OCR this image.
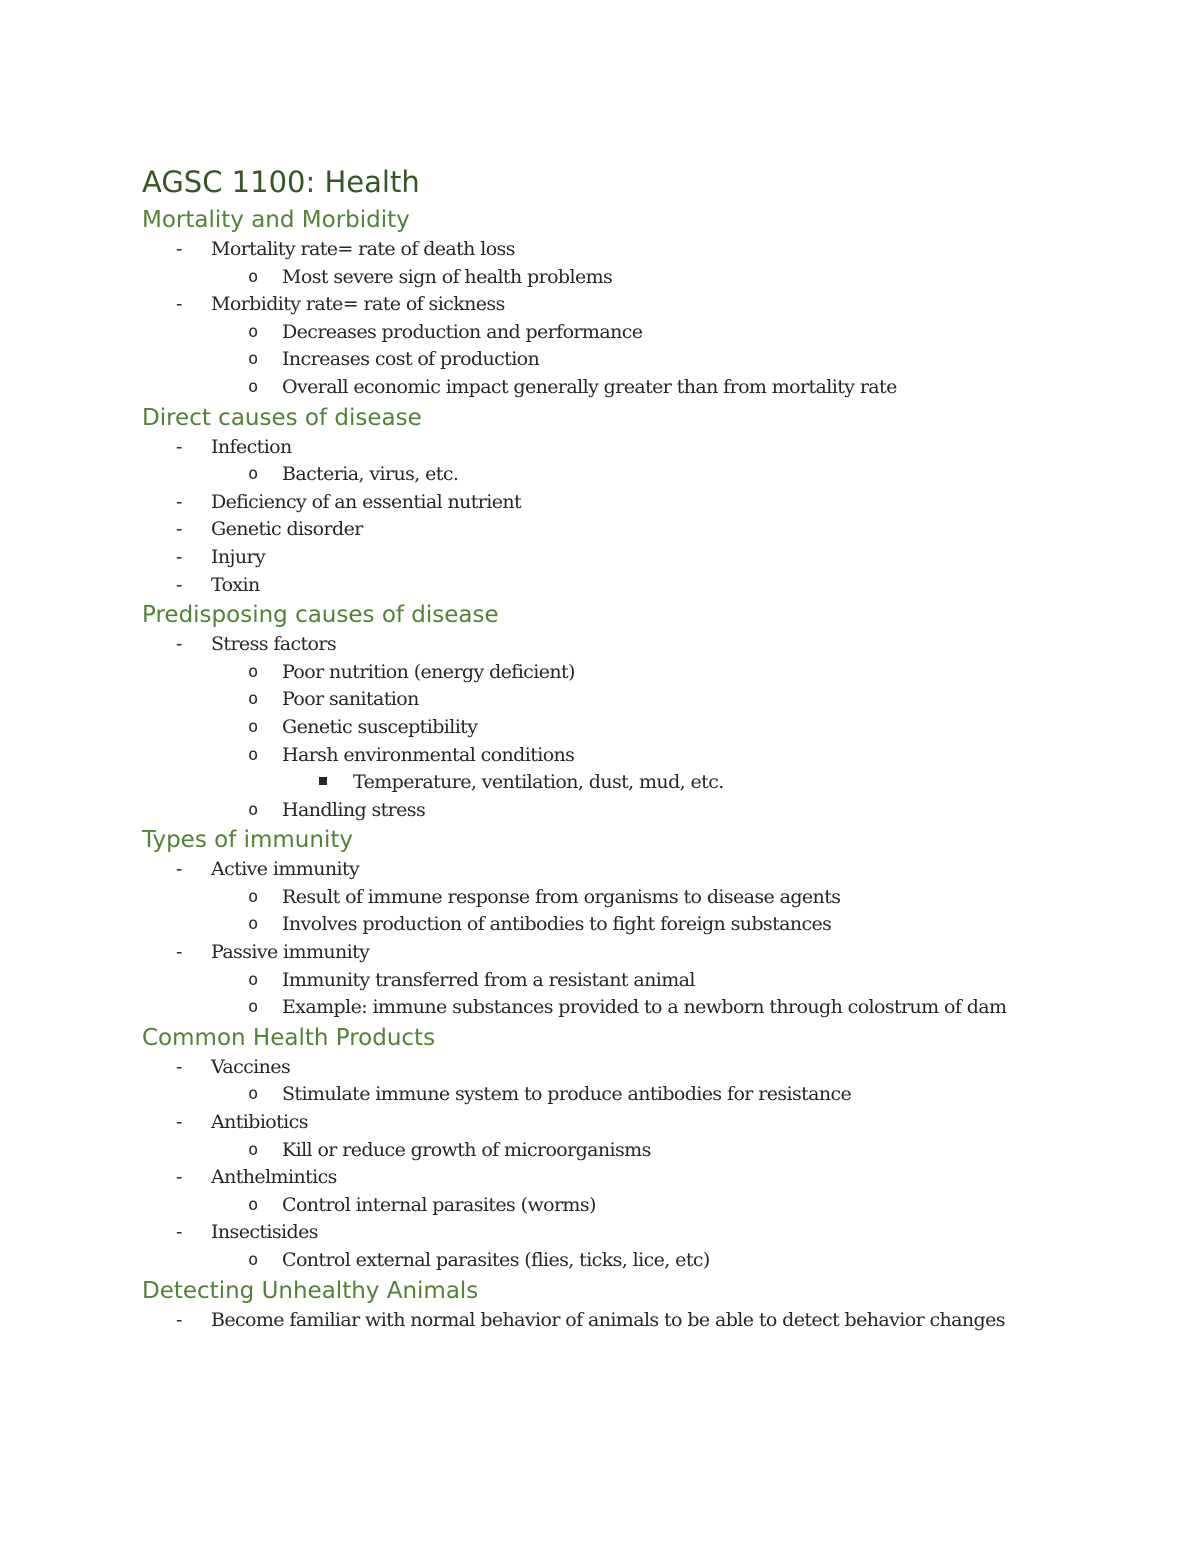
AGSC 1100: Health
Mortality and Morbidity
-	Mortality rate= rate of death loss
o	Most severe sign of health problems
-	Morbidity rate= rate of sickness
o	Decreases production and performance
o	Increases cost of production
o	Overall economic impact generally greater than from mortality rate
Direct causes of disease
-	Infection
o	Bacteria, virus, etc.
-	Deficiency of an essential nutrient
-	Genetic disorder
-	Injury
-	Toxin
Predisposing causes of disease
-	Stress factors
o	Poor nutrition (energy deficient)
o	Poor sanitation
o	Genetic susceptibility
o	Harsh environmental conditions
Temperature, ventilation, dust, mud, etc.
o	Handling stress
Types of immunity
-	Active immunity
o	Result of immune response from organisms to disease agents
o	Involves production of antibodies to fight foreign substances
-	Passive immunity
o	Immunity transferred from a resistant animal
o	Example: immune substances provided to a newborn through colostrum of dam
Common Health Products
-	Vaccines
o	Stimulate immune system to produce antibodies for resistance
-	Antibiotics
o	Kill or reduce growth of microorganisms
-	Anthelmintics
o	Control internal parasites (worms)
-	Insectisides
o	Control external parasites (flies, ticks, lice, etc)
Detecting Unhealthy Animals
-	Become familiar with normal behavior of animals to be able to detect behavior changes
